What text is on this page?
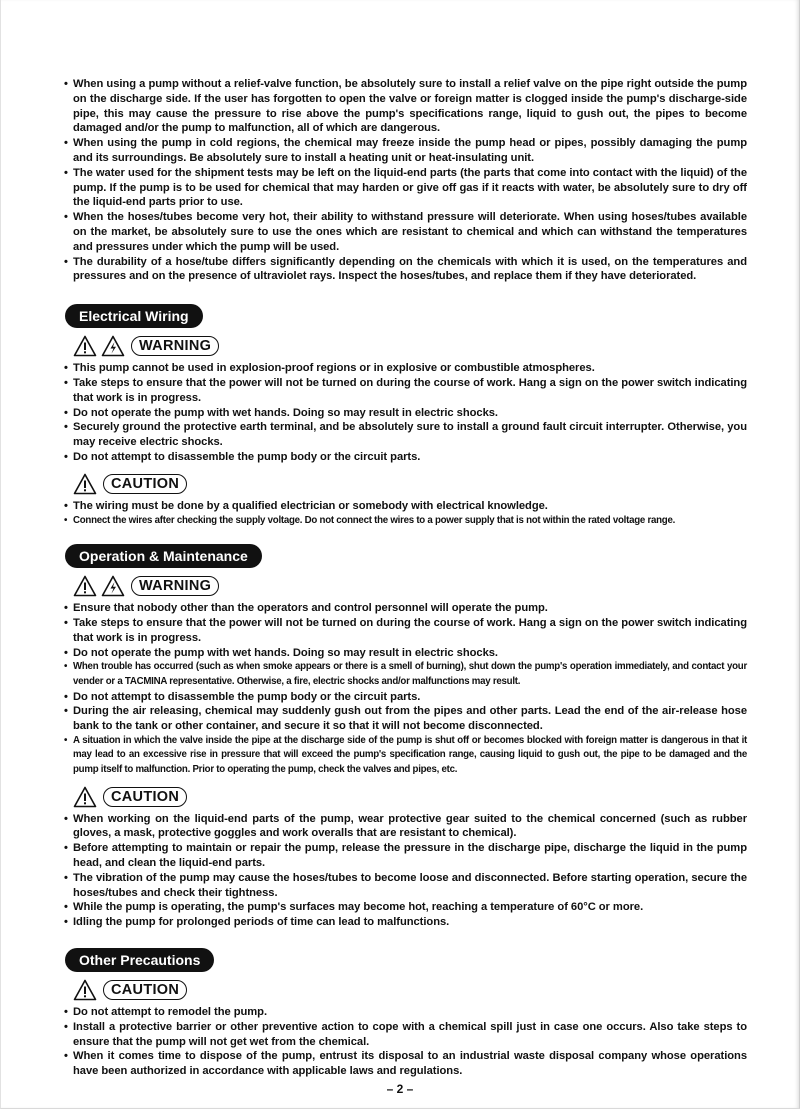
• When using a pump without a relief-valve function, be absolutely sure to install a relief valve on the pipe right outside the pump on the discharge side. If the user has forgotten to open the valve or foreign matter is clogged inside the pump's discharge-side pipe, this may cause the pressure to rise above the pump's specifications range, liquid to gush out, the pipes to become damaged and/or the pump to malfunction, all of which are dangerous.
• When using the pump in cold regions, the chemical may freeze inside the pump head or pipes, possibly damaging the pump and its surroundings. Be absolutely sure to install a heating unit or heat-insulating unit.
• The water used for the shipment tests may be left on the liquid-end parts (the parts that come into contact with the liquid) of the pump. If the pump is to be used for chemical that may harden or give off gas if it reacts with water, be absolutely sure to dry off the liquid-end parts prior to use.
• When the hoses/tubes become very hot, their ability to withstand pressure will deteriorate. When using hoses/tubes available on the market, be absolutely sure to use the ones which are resistant to chemical and which can withstand the temperatures and pressures under which the pump will be used.
• The durability of a hose/tube differs significantly depending on the chemicals with which it is used, on the temperatures and pressures and on the presence of ultraviolet rays. Inspect the hoses/tubes, and replace them if they have deteriorated.
Electrical Wiring
WARNING
• This pump cannot be used in explosion-proof regions or in explosive or combustible atmospheres.
• Take steps to ensure that the power will not be turned on during the course of work. Hang a sign on the power switch indicating that work is in progress.
• Do not operate the pump with wet hands. Doing so may result in electric shocks.
• Securely ground the protective earth terminal, and be absolutely sure to install a ground fault circuit interrupter. Otherwise, you may receive electric shocks.
• Do not attempt to disassemble the pump body or the circuit parts.
CAUTION
• The wiring must be done by a qualified electrician or somebody with electrical knowledge.
• Connect the wires after checking the supply voltage. Do not connect the wires to a power supply that is not within the rated voltage range.
Operation & Maintenance
WARNING
• Ensure that nobody other than the operators and control personnel will operate the pump.
• Take steps to ensure that the power will not be turned on during the course of work. Hang a sign on the power switch indicating that work is in progress.
• Do not operate the pump with wet hands. Doing so may result in electric shocks.
• When trouble has occurred (such as when smoke appears or there is a smell of burning), shut down the pump's operation immediately, and contact your vender or a TACMINA representative. Otherwise, a fire, electric shocks and/or malfunctions may result.
• Do not attempt to disassemble the pump body or the circuit parts.
• During the air releasing, chemical may suddenly gush out from the pipes and other parts. Lead the end of the air-release hose bank to the tank or other container, and secure it so that it will not become disconnected.
• A situation in which the valve inside the pipe at the discharge side of the pump is shut off or becomes blocked with foreign matter is dangerous in that it may lead to an excessive rise in pressure that will exceed the pump's specification range, causing liquid to gush out, the pipe to be damaged and the pump itself to malfunction. Prior to operating the pump, check the valves and pipes, etc.
CAUTION
• When working on the liquid-end parts of the pump, wear protective gear suited to the chemical concerned (such as rubber gloves, a mask, protective goggles and work overalls that are resistant to chemical).
• Before attempting to maintain or repair the pump, release the pressure in the discharge pipe, discharge the liquid in the pump head, and clean the liquid-end parts.
• The vibration of the pump may cause the hoses/tubes to become loose and disconnected. Before starting operation, secure the hoses/tubes and check their tightness.
• While the pump is operating, the pump's surfaces may become hot, reaching a temperature of 60°C or more.
• Idling the pump for prolonged periods of time can lead to malfunctions.
Other Precautions
CAUTION
• Do not attempt to remodel the pump.
• Install a protective barrier or other preventive action to cope with a chemical spill just in case one occurs. Also take steps to ensure that the pump will not get wet from the chemical.
• When it comes time to dispose of the pump, entrust its disposal to an industrial waste disposal company whose operations have been authorized in accordance with applicable laws and regulations.
– 2 –
